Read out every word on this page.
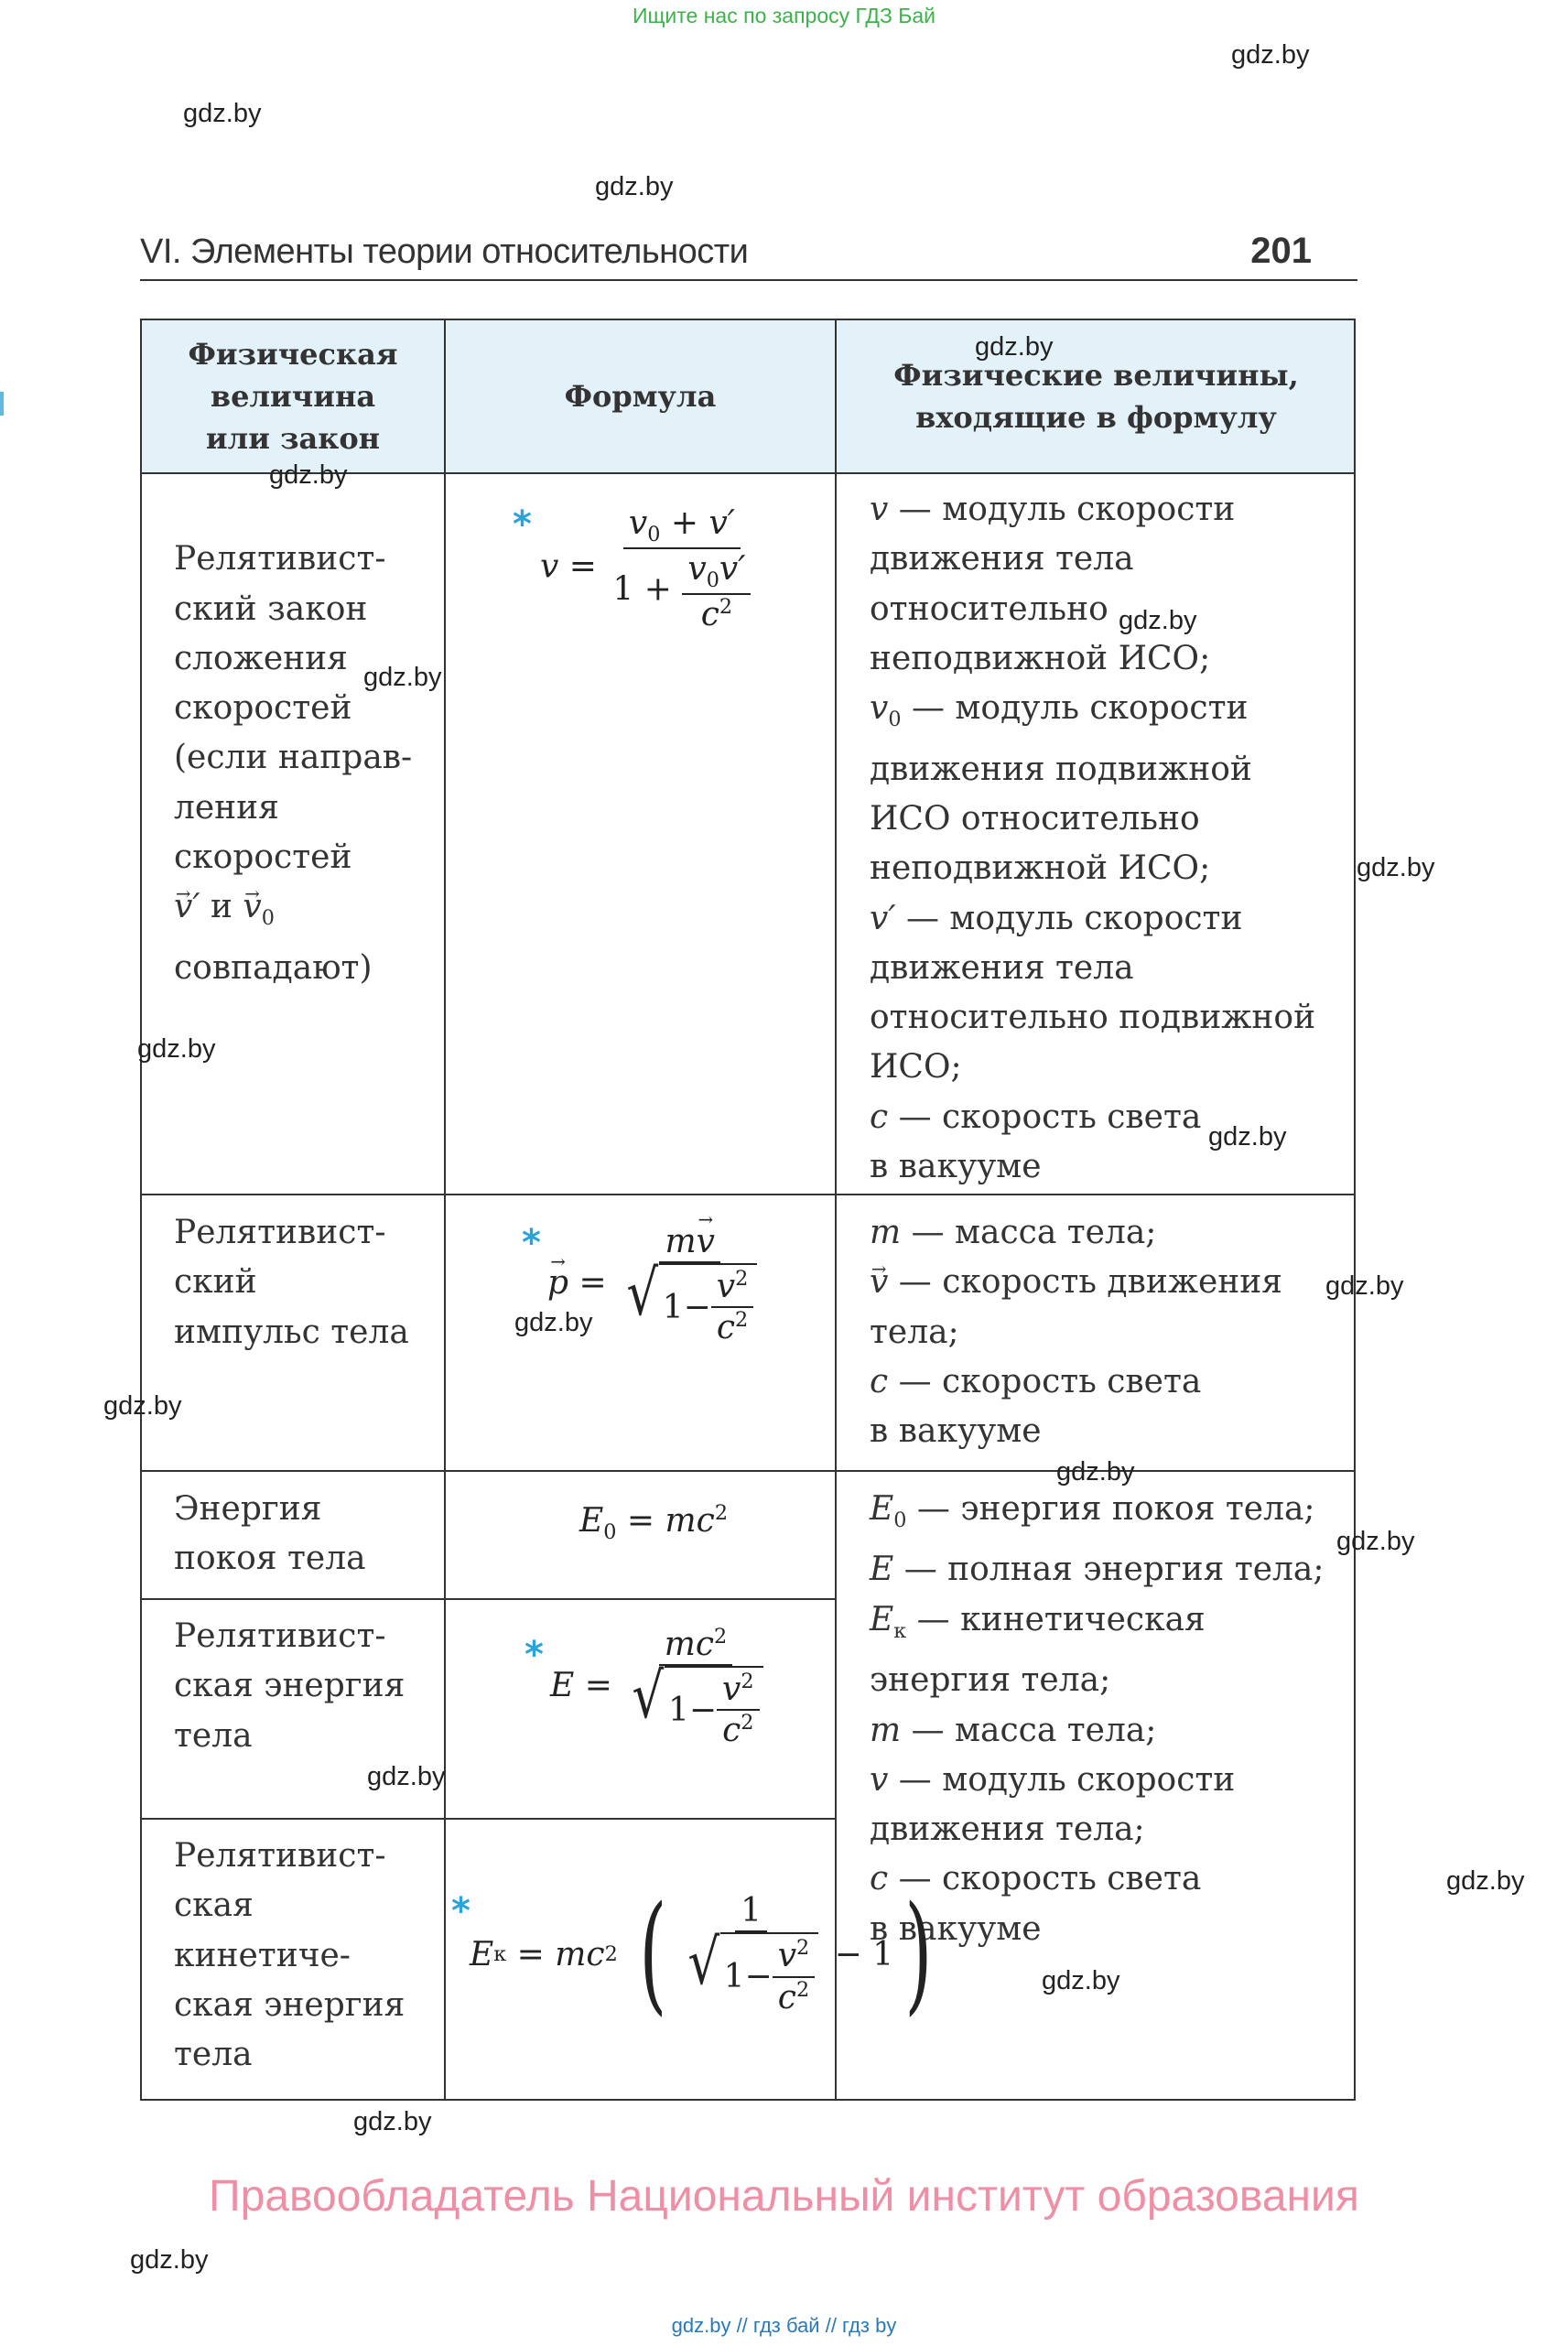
Ищите нас по запросу ГДЗ Бай
gdz.by
gdz.by
gdz.by
VI. Элементы теории относительности	201
Физическая
величина
или закон
Формула
Физические величины,
входящие в формулу

Релятивист-
ский закон
сложения
скоростей
(если направ-
ления
скоростей
→ v′ $и \to v_0$
совпадают)

Релятивист-
ский
импульс тела
Энергия
покоя тела
Релятивист-
ская энергия
тела
Релятивист-
ская
кинетиче-
ская энергия
тела
v — модуль скорости
движения тела
относительно
неподвижной ИСО;
$v_0$ — модуль скорости
движения подвижной
ИСО относительно
неподвижной ИСО;
v′ — модуль скорости
движения тела
относительно подвижной
ИСО;
c — скорость света
в вакууме
m — масса тела;
→ v — скорость движения
тела;
c — скорость света
в вакууме
$E_0$ — энергия покоя тела;
E — полная энергия тела;
$E_к$ — кинетическая
энергия тела;
m — масса тела;
v — модуль скорости
движения тела;
c — скорость света
в вакууме
*
$v = \frac{v_0 + v'}{1 + \frac{v_0v'}{c^2}}$
*
→ $p = \frac{m\to v}{√ 1 - \frac{v^2}{c^2}}$
$E_0 = mc^2$
*
$E = \frac{mc^2}{√ 1 - \frac{v^2}{c^2}}$
*
E к = mc 2
( $\frac{1}{√ 1 - \frac{v^2}{c^2}} - 1$ )
gdz.by
gdz.by
gdz.by
gdz.by
gdz.by
gdz.by
gdz.by
gdz.by
gdz.by
gdz.by
gdz.by
gdz.by
gdz.by
gdz.by
gdz.by
gdz.by
gdz.by
Правообладатель Национальный институт образования
gdz.by // гдз бай // гдз by
